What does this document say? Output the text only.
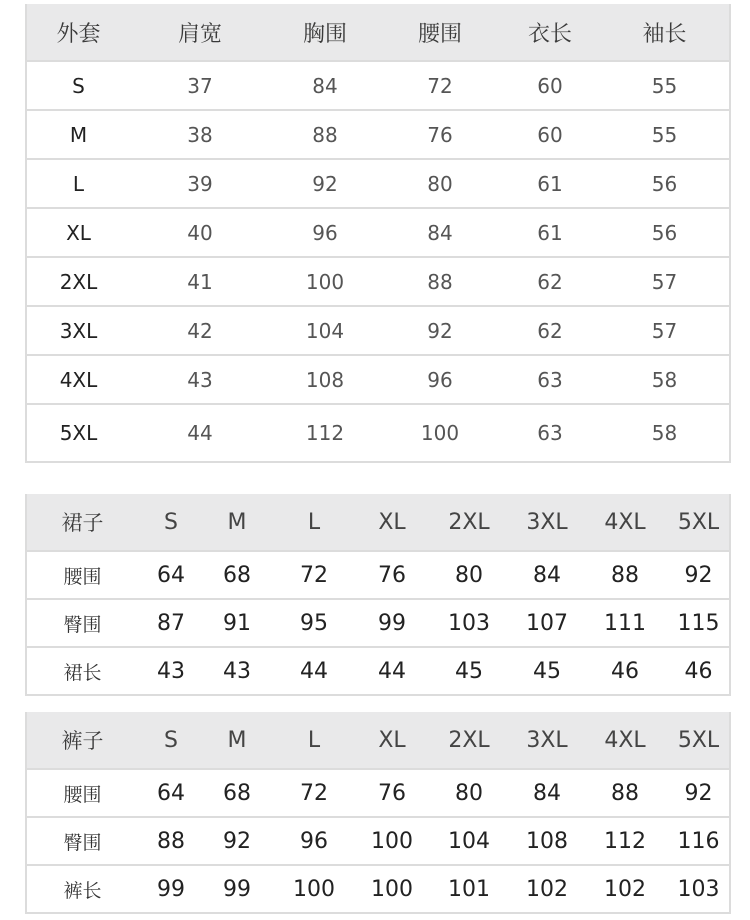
外套	肩宽	胸围	腰围	衣长	袖长
S	37	84	72	60	55
M	38	88	76	60	55
L	39	92	80	61	56
XL	40	96	84	61	56
2XL	41	100	88	62	57
3XL	42	104	92	62	57
4XL	43	108	96	63	58
5XL	44	112	100	63	58
裙子	S	M	L	XL	2XL	3XL	4XL	5XL
腰围	64	68	72	76	80	84	88	92
臀围	87	91	95	99	103	107	111	115
裙长	43	43	44	44	45	45	46	46
裤子	S	M	L	XL	2XL	3XL	4XL	5XL
腰围	64	68	72	76	80	84	88	92
臀围	88	92	96	100	104	108	112	116
裤长	99	99	100	100	101	102	102	103
